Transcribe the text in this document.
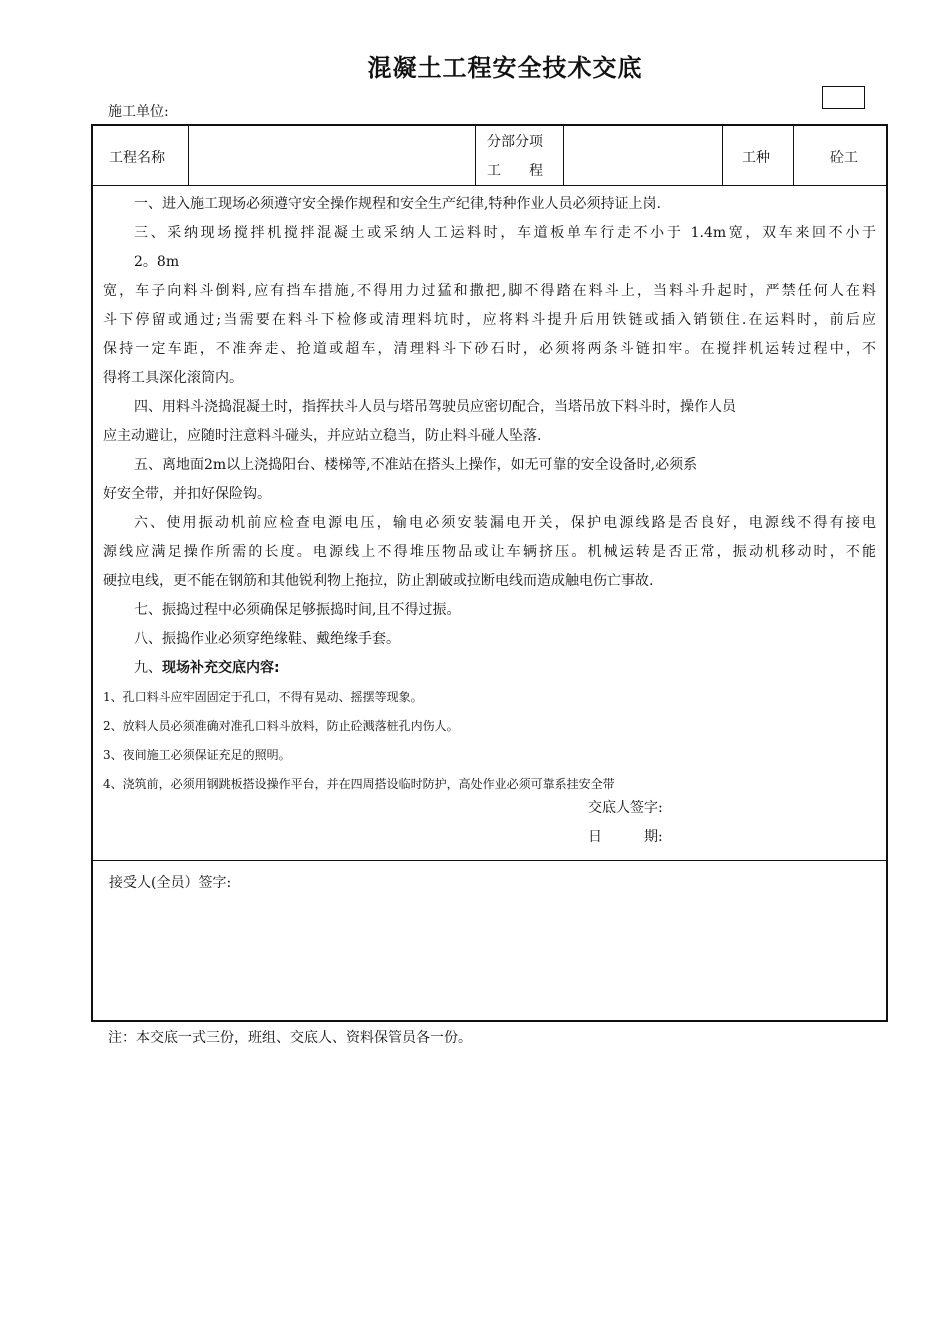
混凝土工程安全技术交底
施工单位:
工程名称
分部分项
工　　程
工种	砼工
一、进入施工现场必须遵守安全操作规程和安全生产纪律,特种作业人员必须持证上岗.
三、采纳现场搅拌机搅拌混凝土或采纳人工运料时，车道板单车行走不小于 1.4m宽，双车来回不小于
2。8m
宽，车子向料斗倒料,应有挡车措施,不得用力过猛和撒把,脚不得踏在料斗上，当料斗升起时，严禁任何人在料
斗下停留或通过;当需要在料斗下检修或清理料坑时，应将料斗提升后用铁链或插入销锁住.在运料时，前后应
保持一定车距，不准奔走、抢道或超车，清理料斗下砂石时，必须将两条斗链扣牢。在搅拌机运转过程中，不
得将工具深化滚筒内。
四、用料斗浇捣混凝土时，指挥扶斗人员与塔吊驾驶员应密切配合，当塔吊放下料斗时，操作人员
应主动避让，应随时注意料斗碰头，并应站立稳当，防止料斗碰人坠落.
五、离地面2m以上浇捣阳台、楼梯等,不准站在搭头上操作，如无可靠的安全设备时,必须系
好安全带，并扣好保险钩。
六、使用振动机前应检查电源电压，输电必须安装漏电开关，保护电源线路是否良好，电源线不得有接电
源线应满足操作所需的长度。电源线上不得堆压物品或让车辆挤压。机械运转是否正常，振动机移动时，不能
硬拉电线，更不能在钢筋和其他锐利物上拖拉，防止割破或拉断电线而造成触电伤亡事故.
七、振捣过程中必须确保足够振捣时间,且不得过振。
八、振捣作业必须穿绝缘鞋、戴绝缘手套。
九、现场补充交底内容:
1、孔口料斗应牢固固定于孔口，不得有晃动、摇摆等现象。
2、放料人员必须准确对准孔口料斗放料，防止砼溅落桩孔内伤人。
3、夜间施工必须保证充足的照明。
4、浇筑前，必须用钢跳板搭设操作平台，并在四周搭设临时防护，高处作业必须可靠系挂安全带
交底人签字:
日　　　期:
接受人(全员）签字:
注：本交底一式三份，班组、交底人、资料保管员各一份。
